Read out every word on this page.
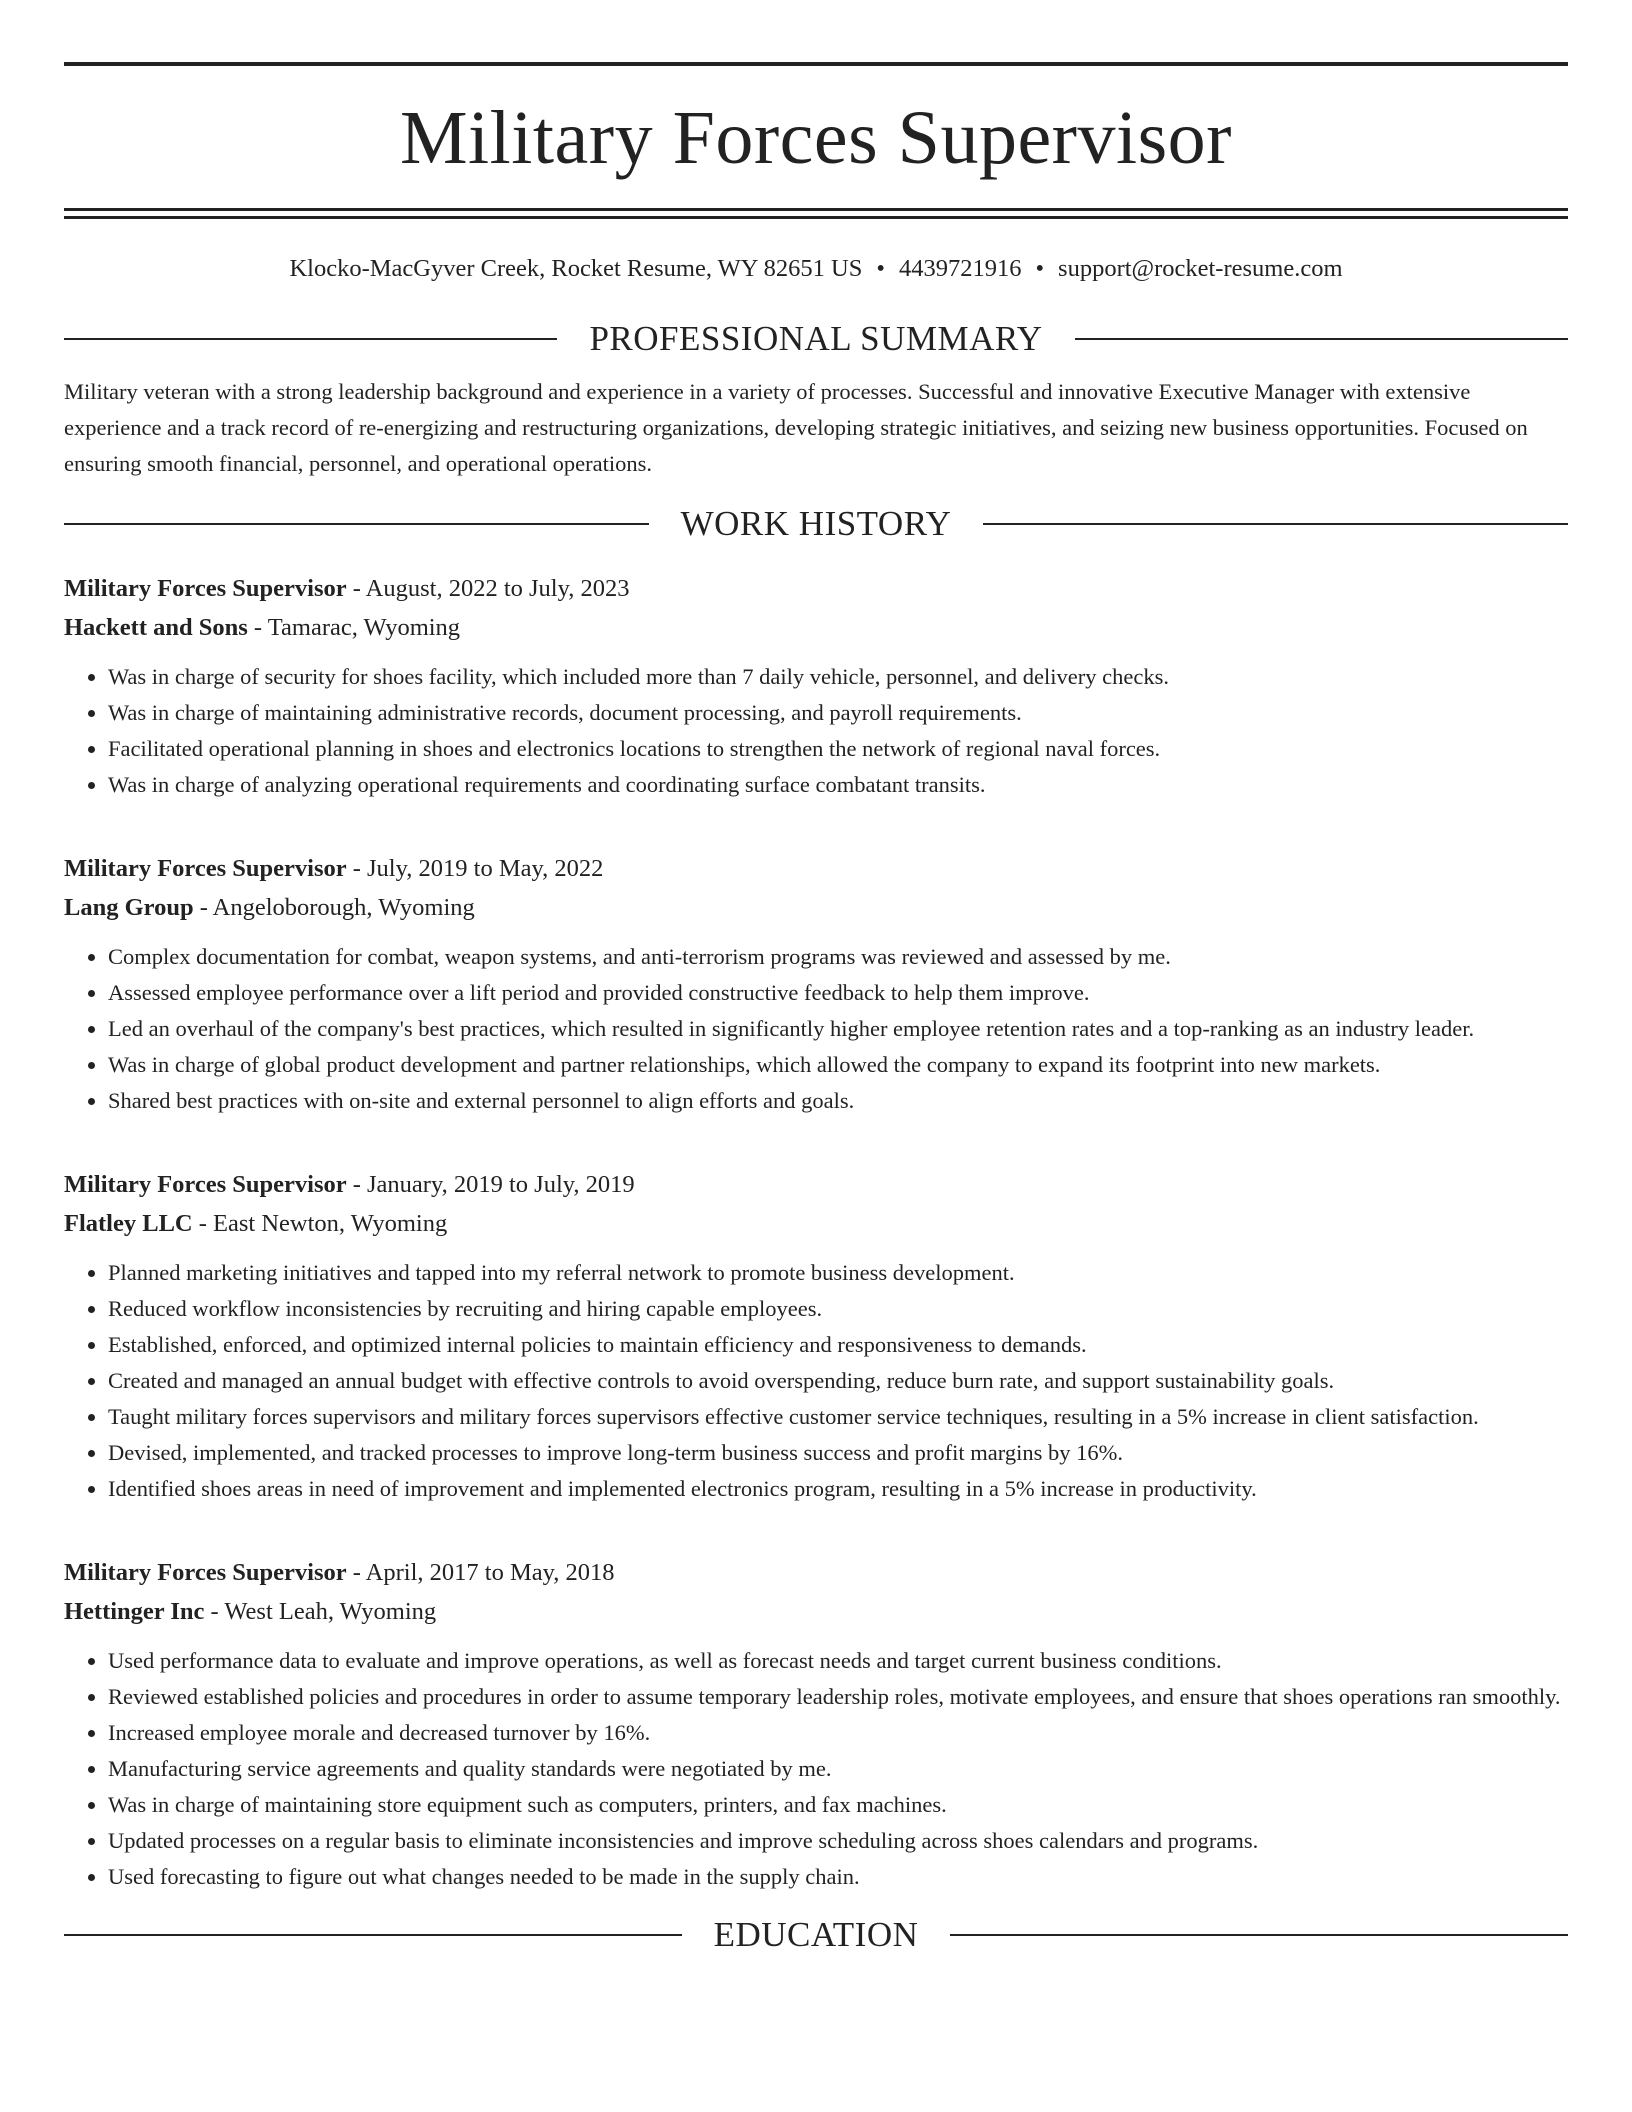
Military Forces Supervisor
Klocko-MacGyver Creek, Rocket Resume, WY 82651 US • 4439721916 • support@rocket-resume.com
PROFESSIONAL SUMMARY

Military veteran with a strong leadership background and experience in a variety of processes. Successful and innovative Executive Manager with extensive experience and a track record of re-energizing and restructuring organizations, developing strategic initiatives, and seizing new business opportunities. Focused on ensuring smooth financial, personnel, and operational operations.

WORK HISTORY
Military Forces Supervisor - August, 2022 to July, 2023
Hackett and Sons - Tamarac, Wyoming
• Was in charge of security for shoes facility, which included more than 7 daily vehicle, personnel, and delivery checks.
• Was in charge of maintaining administrative records, document processing, and payroll requirements.
• Facilitated operational planning in shoes and electronics locations to strengthen the network of regional naval forces.
• Was in charge of analyzing operational requirements and coordinating surface combatant transits.
Military Forces Supervisor - July, 2019 to May, 2022
Lang Group - Angeloborough, Wyoming
• Complex documentation for combat, weapon systems, and anti-terrorism programs was reviewed and assessed by me.
• Assessed employee performance over a lift period and provided constructive feedback to help them improve.
• Led an overhaul of the company's best practices, which resulted in significantly higher employee retention rates and a top-ranking as an industry leader.
• Was in charge of global product development and partner relationships, which allowed the company to expand its footprint into new markets.
• Shared best practices with on-site and external personnel to align efforts and goals.
Military Forces Supervisor - January, 2019 to July, 2019
Flatley LLC - East Newton, Wyoming
• Planned marketing initiatives and tapped into my referral network to promote business development.
• Reduced workflow inconsistencies by recruiting and hiring capable employees.
• Established, enforced, and optimized internal policies to maintain efficiency and responsiveness to demands.
• Created and managed an annual budget with effective controls to avoid overspending, reduce burn rate, and support sustainability goals.
• Taught military forces supervisors and military forces supervisors effective customer service techniques, resulting in a 5% increase in client satisfaction.
• Devised, implemented, and tracked processes to improve long-term business success and profit margins by 16%.
• Identified shoes areas in need of improvement and implemented electronics program, resulting in a 5% increase in productivity.
Military Forces Supervisor - April, 2017 to May, 2018
Hettinger Inc - West Leah, Wyoming
• Used performance data to evaluate and improve operations, as well as forecast needs and target current business conditions.
• Reviewed established policies and procedures in order to assume temporary leadership roles, motivate employees, and ensure that shoes operations ran smoothly.
• Increased employee morale and decreased turnover by 16%.
• Manufacturing service agreements and quality standards were negotiated by me.
• Was in charge of maintaining store equipment such as computers, printers, and fax machines.
• Updated processes on a regular basis to eliminate inconsistencies and improve scheduling across shoes calendars and programs.
• Used forecasting to figure out what changes needed to be made in the supply chain.
EDUCATION
